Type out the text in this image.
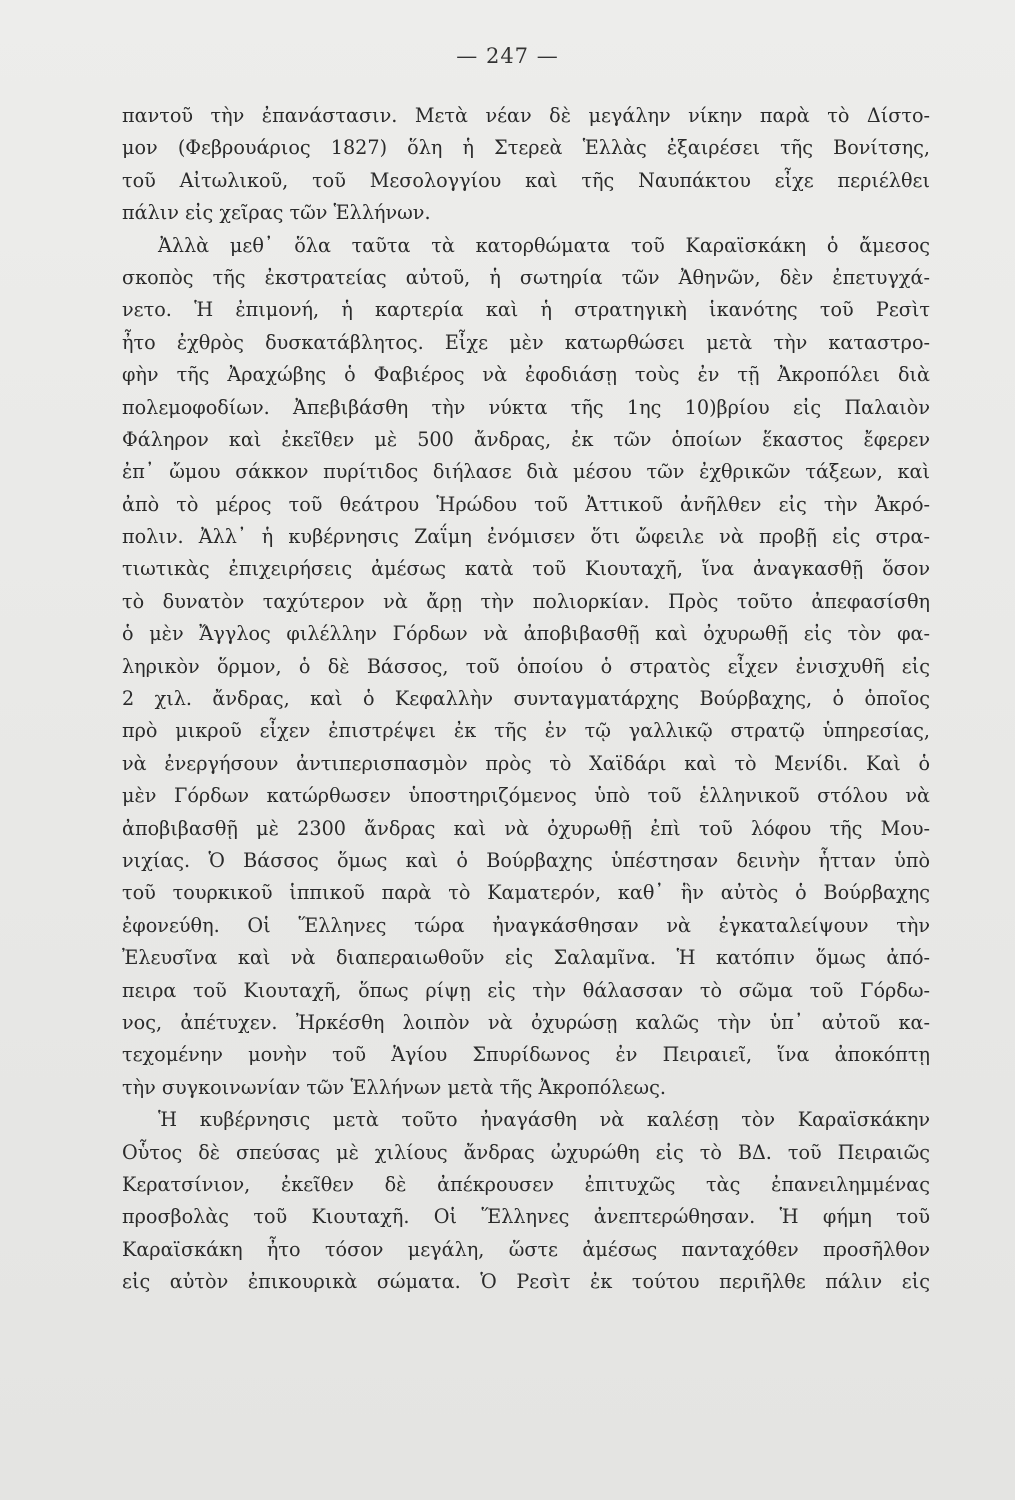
— 247 —
παντοῦ τὴν ἐπανάστασιν. Μετὰ νέαν δὲ μεγάλην νίκην παρὰ τὸ Δίστο-
μον (Φεβρουάριος 1827) ὅλη ἡ Στερεὰ Ἑλλὰς ἐξαιρέσει τῆς Βονίτσης,
τοῦ Αἰτωλικοῦ, τοῦ Μεσολογγίου καὶ τῆς Ναυπάκτου εἶχε περιέλθει
πάλιν εἰς χεῖρας τῶν Ἑλλήνων.
Ἀλλὰ μεθ᾽ ὅλα ταῦτα τὰ κατορθώματα τοῦ Καραϊσκάκη ὁ ἄμεσος
σκοπὸς τῆς ἐκστρατείας αὐτοῦ, ἡ σωτηρία τῶν Ἀθηνῶν, δὲν ἐπετυγχά-
νετο. Ἡ ἐπιμονή, ἡ καρτερία καὶ ἡ στρατηγικὴ ἱκανότης τοῦ Ρεσὶτ
ἦτο ἐχθρὸς δυσκατάβλητος. Εἶχε μὲν κατωρθώσει μετὰ τὴν καταστρο-
φὴν τῆς Ἀραχώβης ὁ Φαβιέρος νὰ ἐφοδιάσῃ τοὺς ἐν τῇ Ἀκροπόλει διὰ
πολεμοφοδίων. Ἀπεβιβάσθη τὴν νύκτα τῆς 1ης 10)βρίου εἰς Παλαιὸν
Φάληρον καὶ ἐκεῖθεν μὲ 500 ἄνδρας, ἐκ τῶν ὁποίων ἕκαστος ἔφερεν
ἐπ᾽ ὤμου σάκκον πυρίτιδος διήλασε διὰ μέσου τῶν ἐχθρικῶν τάξεων, καὶ
ἀπὸ τὸ μέρος τοῦ θεάτρου Ἡρώδου τοῦ Ἀττικοῦ ἀνῆλθεν εἰς τὴν Ἀκρό-
πολιν. Ἀλλ᾽ ἡ κυβέρνησις Ζαΐμη ἐνόμισεν ὅτι ὤφειλε νὰ προβῇ εἰς στρα-
τιωτικὰς ἐπιχειρήσεις ἀμέσως κατὰ τοῦ Κιουταχῆ, ἵνα ἀναγκασθῇ ὅσον
τὸ δυνατὸν ταχύτερον νὰ ἄρῃ τὴν πολιορκίαν. Πρὸς τοῦτο ἀπεφασίσθη
ὁ μὲν Ἄγγλος φιλέλλην Γόρδων νὰ ἀποβιβασθῇ καὶ ὀχυρωθῇ εἰς τὸν φα-
ληρικὸν ὅρμον, ὁ δὲ Βάσσος, τοῦ ὁποίου ὁ στρατὸς εἶχεν ἐνισχυθῆ εἰς
2 χιλ. ἄνδρας, καὶ ὁ Κεφαλλὴν συνταγματάρχης Βούρβαχης, ὁ ὁποῖος
πρὸ μικροῦ εἶχεν ἐπιστρέψει ἐκ τῆς ἐν τῷ γαλλικῷ στρατῷ ὑπηρεσίας,
νὰ ἐνεργήσουν ἀντιπερισπασμὸν πρὸς τὸ Χαϊδάρι καὶ τὸ Μενίδι. Καὶ ὁ
μὲν Γόρδων κατώρθωσεν ὑποστηριζόμενος ὑπὸ τοῦ ἑλληνικοῦ στόλου νὰ
ἀποβιβασθῇ μὲ 2300 ἄνδρας καὶ νὰ ὀχυρωθῇ ἐπὶ τοῦ λόφου τῆς Μου-
νιχίας. Ὁ Βάσσος ὅμως καὶ ὁ Βούρβαχης ὑπέστησαν δεινὴν ἧτταν ὑπὸ
τοῦ τουρκικοῦ ἱππικοῦ παρὰ τὸ Καματερόν, καθ᾽ ἣν αὐτὸς ὁ Βούρβαχης
ἐφονεύθη. Οἱ Ἕλληνες τώρα ἠναγκάσθησαν νὰ ἐγκαταλείψουν τὴν
Ἐλευσῖνα καὶ νὰ διαπεραιωθοῦν εἰς Σαλαμῖνα. Ἡ κατόπιν ὅμως ἀπό-
πειρα τοῦ Κιουταχῆ, ὅπως ρίψῃ εἰς τὴν θάλασσαν τὸ σῶμα τοῦ Γόρδω-
νος, ἀπέτυχεν. Ἠρκέσθη λοιπὸν νὰ ὀχυρώσῃ καλῶς τὴν ὑπ᾽ αὐτοῦ κα-
τεχομένην μονὴν τοῦ Ἁγίου Σπυρίδωνος ἐν Πειραιεῖ, ἵνα ἀποκόπτῃ
τὴν συγκοινωνίαν τῶν Ἑλλήνων μετὰ τῆς Ἀκροπόλεως.
Ἡ κυβέρνησις μετὰ τοῦτο ἠναγάσθη νὰ καλέσῃ τὸν Καραϊσκάκην
Οὗτος δὲ σπεύσας μὲ χιλίους ἄνδρας ὠχυρώθη εἰς τὸ ΒΔ. τοῦ Πειραιῶς
Κερατσίνιον, ἐκεῖθεν δὲ ἀπέκρουσεν ἐπιτυχῶς τὰς ἐπανειλημμένας
προσβολὰς τοῦ Κιουταχῆ. Οἱ Ἕλληνες ἀνεπτερώθησαν. Ἡ φήμη τοῦ
Καραϊσκάκη ἦτο τόσον μεγάλη, ὥστε ἀμέσως πανταχόθεν προσῆλθον
εἰς αὐτὸν ἐπικουρικὰ σώματα. Ὁ Ρεσὶτ ἐκ τούτου περιῆλθε πάλιν εἰς
